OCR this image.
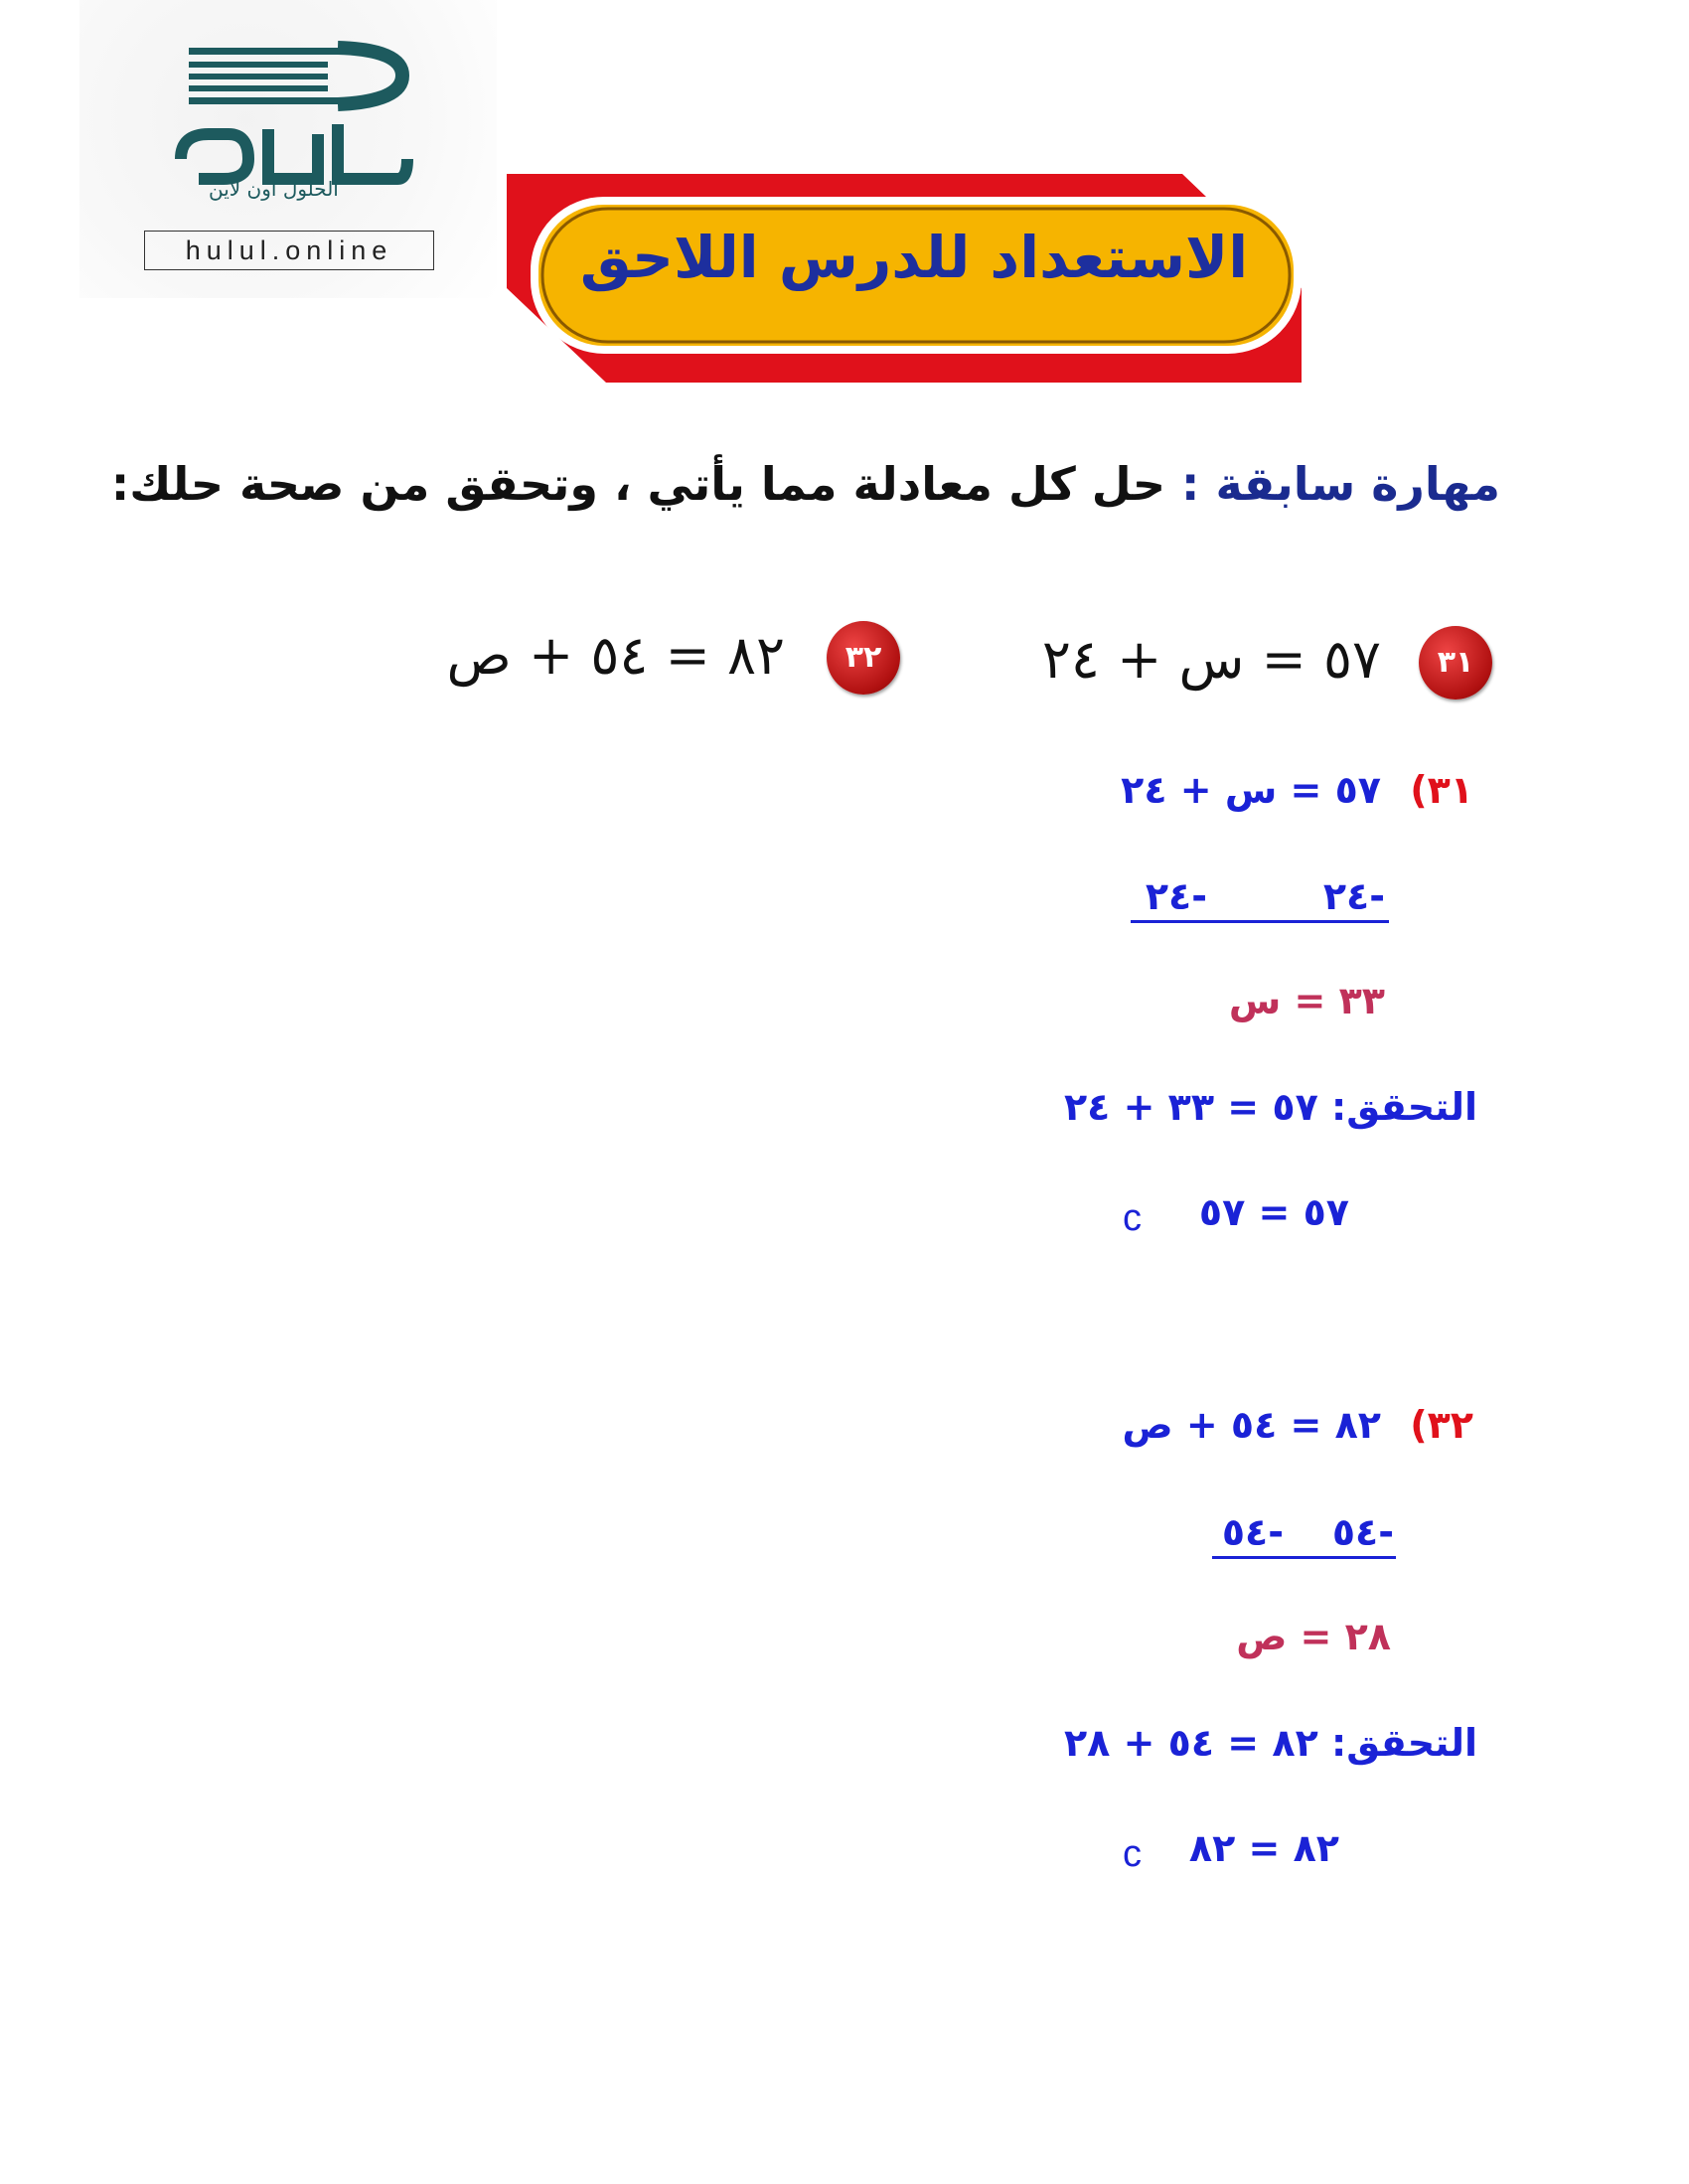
الحلول اون لاين
hulul.online	الاستعداد للدرس اللاحق
مهارة سابقة : حل كل معادلة مما يأتي ، وتحقق من صحة حلك:
٣١
٥٧ = س + ٢٤
٣٢
٨٢ = ٥٤ + ص
٣١)
٥٧ = س + ٢٤
-٢٤
-٢٤
٣٣ = س
التحقق: ٥٧ = ٣٣ + ٢٤
٥٧ = ٥٧
c
٣٢)
٨٢ = ٥٤ + ص
-٥٤
-٥٤
٢٨ = ص
التحقق: ٨٢ = ٥٤ + ٢٨
٨٢ = ٨٢
c
